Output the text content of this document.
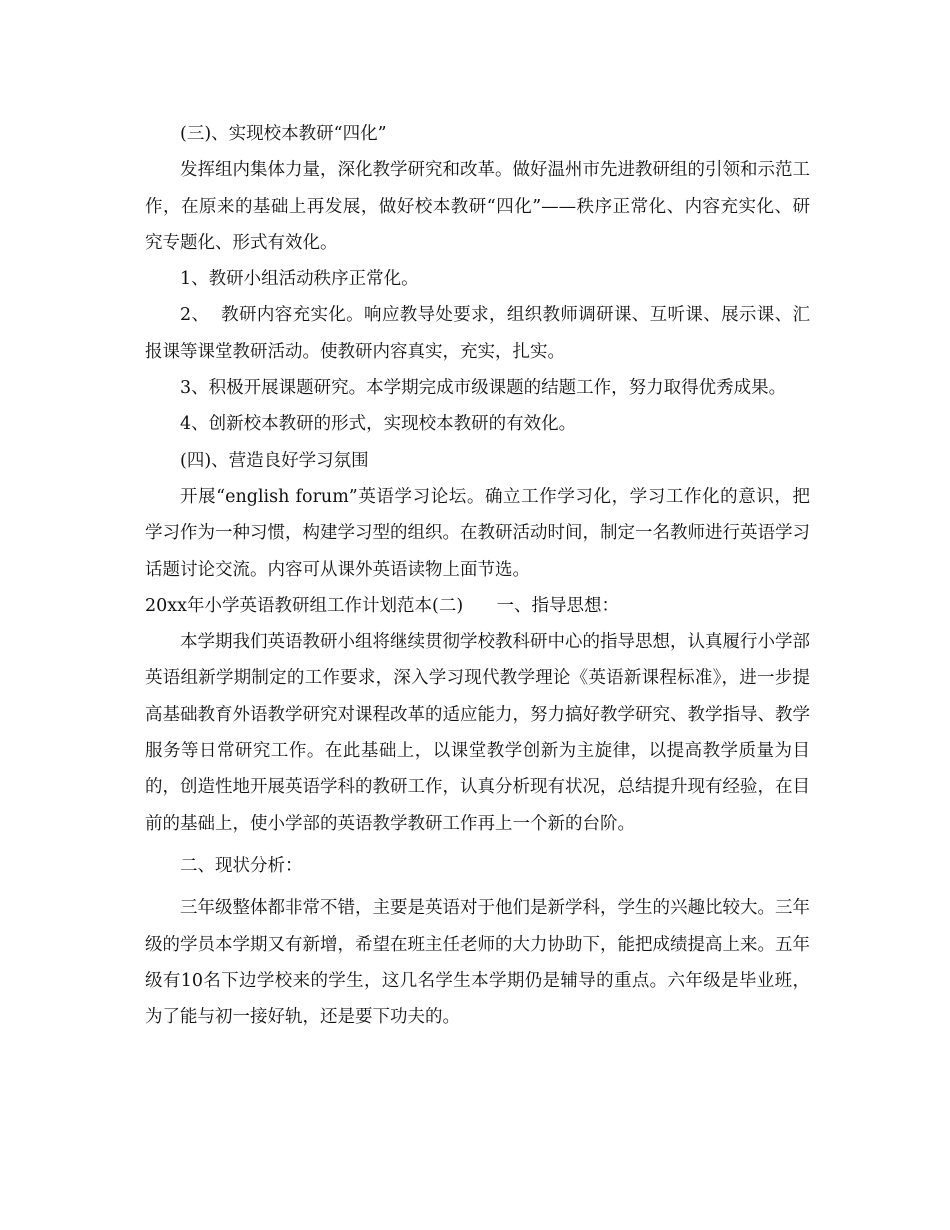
(三)、实现校本教研“四化”

发挥组内集体力量，深化教学研究和改革。做好温州市先进教研组的引领和示范工作，在原来的基础上再发展，做好校本教研“四化”——秩序正常化、内容充实化、研究专题化、形式有效化。

1、教研小组活动秩序正常化。

2、  教研内容充实化。响应教导处要求，组织教师调研课、互听课、展示课、汇报课等课堂教研活动。使教研内容真实，充实，扎实。

3、积极开展课题研究。本学期完成市级课题的结题工作，努力取得优秀成果。

4、创新校本教研的形式，实现校本教研的有效化。

(四)、营造良好学习氛围

开展“english forum”英语学习论坛。确立工作学习化，学习工作化的意识，把学习作为一种习惯，构建学习型的组织。在教研活动时间，制定一名教师进行英语学习话题讨论交流。内容可从课外英语读物上面节选。

20xx年小学英语教研组工作计划范本(二)      一、指导思想：

本学期我们英语教研小组将继续贯彻学校教科研中心的指导思想，认真履行小学部英语组新学期制定的工作要求，深入学习现代教学理论《英语新课程标准》，进一步提高基础教育外语教学研究对课程改革的适应能力，努力搞好教学研究、教学指导、教学服务等日常研究工作。在此基础上，以课堂教学创新为主旋律，以提高教学质量为目的，创造性地开展英语学科的教研工作，认真分析现有状况，总结提升现有经验，在目前的基础上，使小学部的英语教学教研工作再上一个新的台阶。

二、现状分析：

三年级整体都非常不错，主要是英语对于他们是新学科，学生的兴趣比较大。三年级的学员本学期又有新增，希望在班主任老师的大力协助下，能把成绩提高上来。五年级有10名下边学校来的学生，这几名学生本学期仍是辅导的重点。六年级是毕业班，为了能与初一接好轨，还是要下功夫的。
